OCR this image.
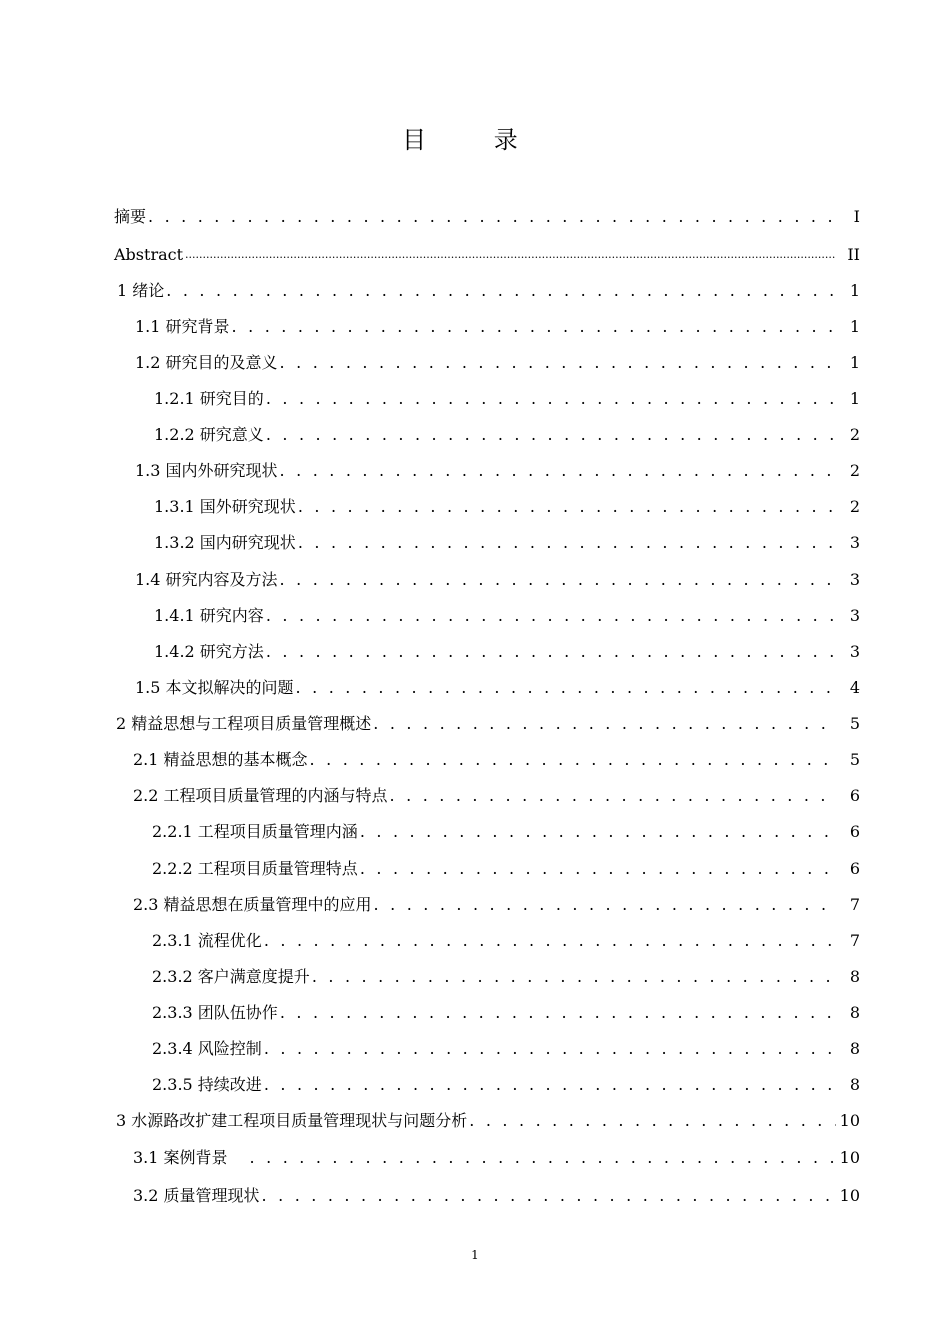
目 录
摘要 . . .	I
Abstract .....	II
1 绪论 . . .	1
1.1 研究背景 . . .	1
1.2 研究目的及意义 . . .	1
1.2.1 研究目的 . . .	1
1.2.2 研究意义 . . .	2
1.3 国内外研究现状 . . .	2
1.3.1 国外研究现状 . . .	2
1.3.2 国内研究现状 . . .	3
1.4 研究内容及方法 . . .	3
1.4.1 研究内容 . . .	3
1.4.2 研究方法 . . .	3
1.5 本文拟解决的问题 . . .	4
2 精益思想与工程项目质量管理概述 . . .	5
2.1 精益思想的基本概念 . . .	5
2.2 工程项目质量管理的内涵与特点 . . .	6
2.2.1 工程项目质量管理内涵 . . .	6
2.2.2 工程项目质量管理特点 . . .	6
2.3 精益思想在质量管理中的应用 . . .	7
2.3.1 流程优化 . . .	7
2.3.2 客户满意度提升 . . .	8
2.3.3 团队伍协作 . . .	8
2.3.4 风险控制 . . .	8
2.3.5 持续改进 . . .	8
3 水源路改扩建工程项目质量管理现状与问题分析 . . .	10
3.1 案例背景 . . .	10
3.2 质量管理现状 . . .	10
1
